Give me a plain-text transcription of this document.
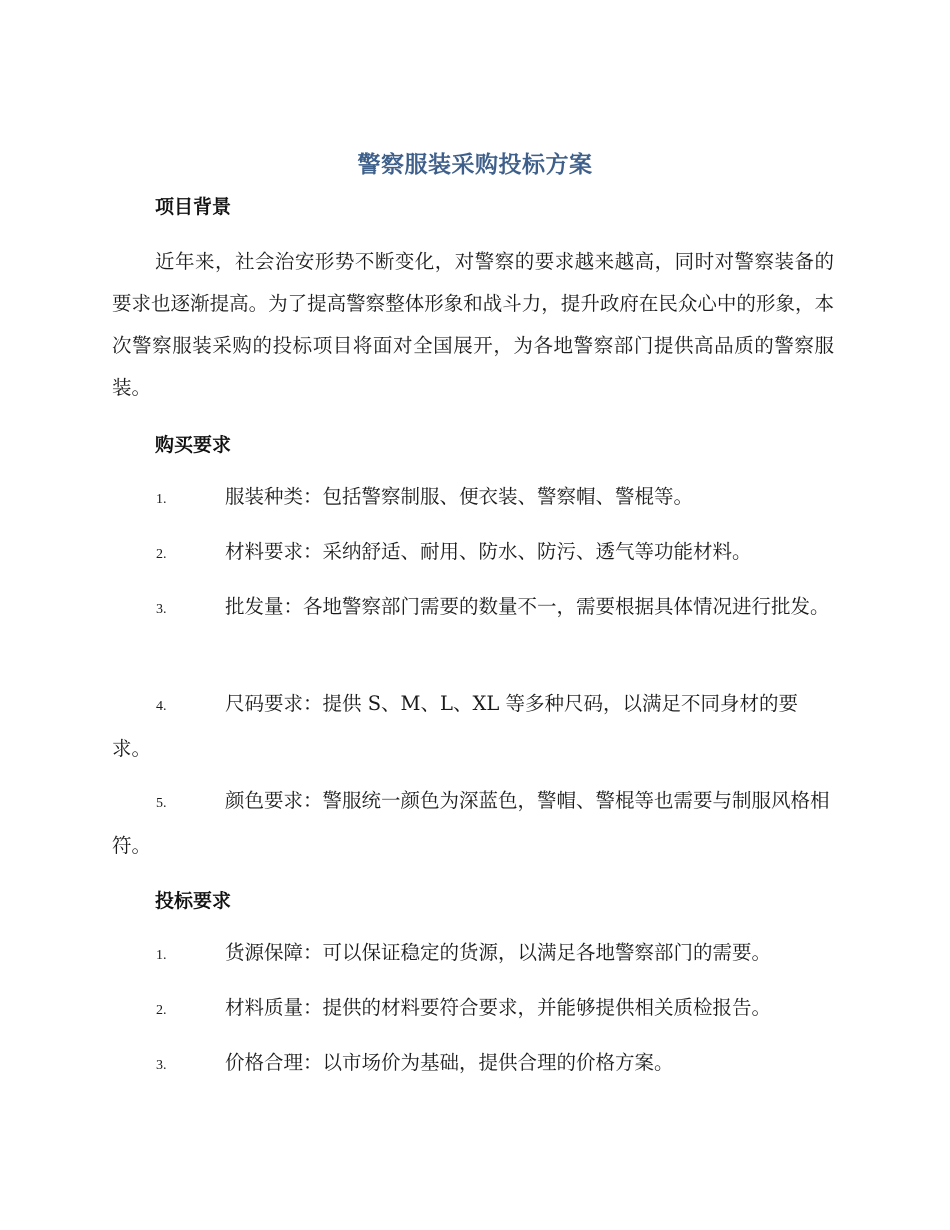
警察服装采购投标方案
项目背景

近年来，社会治安形势不断变化，对警察的要求越来越高，同时对警察装备的要求也逐渐提高。为了提高警察整体形象和战斗力，提升政府在民众心中的形象，本次警察服装采购的投标项目将面对全国展开，为各地警察部门提供高品质的警察服装。

购买要求
1.	服装种类：包括警察制服、便衣装、警察帽、警棍等。
2.	材料要求：采纳舒适、耐用、防水、防污、透气等功能材料。
3.	批发量：各地警察部门需要的数量不一，需要根据具体情况进行批发。
4.	尺码要求：提供 S、M、L、XL 等多种尺码，以满足不同身材的要求。
5.	颜色要求：警服统一颜色为深蓝色，警帽、警棍等也需要与制服风格相符。
投标要求
1.	货源保障：可以保证稳定的货源，以满足各地警察部门的需要。
2.	材料质量：提供的材料要符合要求，并能够提供相关质检报告。
3.	价格合理：以市场价为基础，提供合理的价格方案。
